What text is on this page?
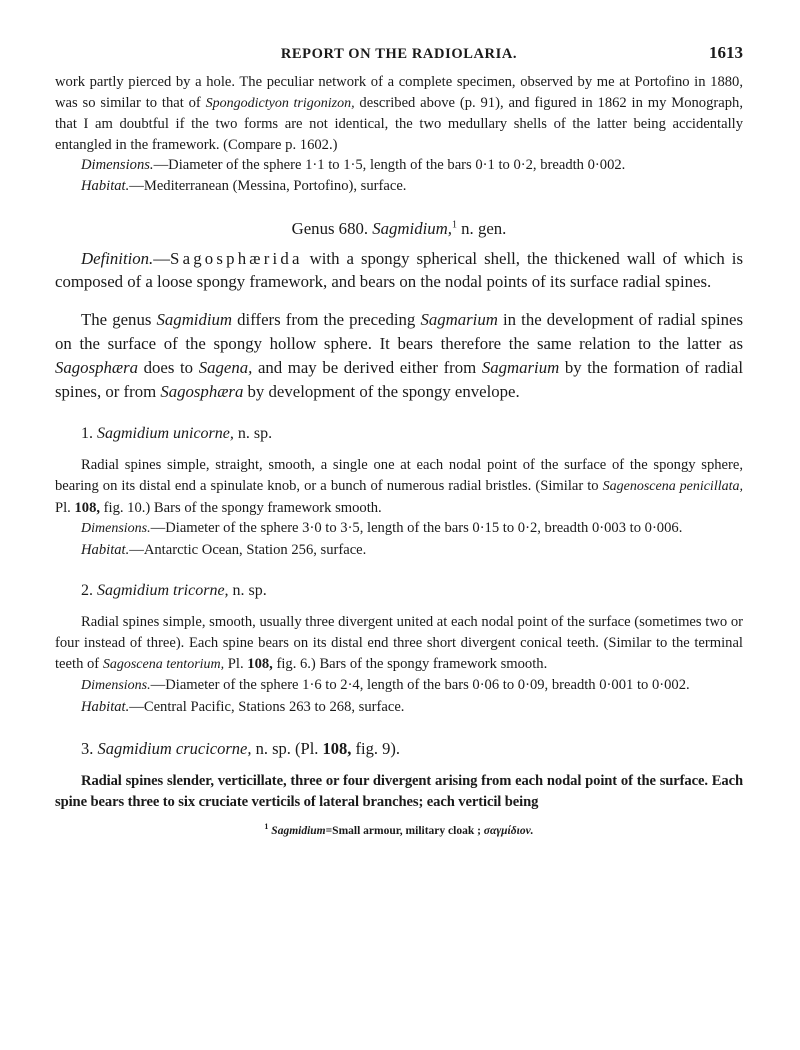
REPORT ON THE RADIOLARIA.	1613

work partly pierced by a hole. The peculiar network of a complete specimen, observed by me at Portofino in 1880, was so similar to that of Spongodictyon trigonizon, described above (p. 91), and figured in 1862 in my Monograph, that I am doubtful if the two forms are not identical, the two medullary shells of the latter being accidentally entangled in the framework. (Compare p. 1602.)

Dimensions.—Diameter of the sphere 1·1 to 1·5, length of the bars 0·1 to 0·2, breadth 0·002.

Habitat.—Mediterranean (Messina, Portofino), surface.

Genus 680. Sagmidium,$^1$ n. gen.

Definition.—Sagosphærida with a spongy spherical shell, the thickened wall of which is composed of a loose spongy framework, and bears on the nodal points of its surface radial spines.

The genus Sagmidium differs from the preceding Sagmarium in the development of radial spines on the surface of the spongy hollow sphere. It bears therefore the same relation to the latter as Sagosphæra does to Sagena, and may be derived either from Sagmarium by the formation of radial spines, or from Sagosphæra by development of the spongy envelope.

1. Sagmidium unicorne, n. sp.

Radial spines simple, straight, smooth, a single one at each nodal point of the surface of the spongy sphere, bearing on its distal end a spinulate knob, or a bunch of numerous radial bristles. (Similar to Sagenoscena penicillata, Pl. 108, fig. 10.) Bars of the spongy framework smooth.

Dimensions.—Diameter of the sphere 3·0 to 3·5, length of the bars 0·15 to 0·2, breadth 0·003 to 0·006.

Habitat.—Antarctic Ocean, Station 256, surface.

2. Sagmidium tricorne, n. sp.

Radial spines simple, smooth, usually three divergent united at each nodal point of the surface (sometimes two or four instead of three). Each spine bears on its distal end three short divergent conical teeth. (Similar to the terminal teeth of Sagoscena tentorium, Pl. 108, fig. 6.) Bars of the spongy framework smooth.

Dimensions.—Diameter of the sphere 1·6 to 2·4, length of the bars 0·06 to 0·09, breadth 0·001 to 0·002.

Habitat.—Central Pacific, Stations 263 to 268, surface.

3. Sagmidium crucicorne, n. sp. (Pl. 108, fig. 9).

Radial spines slender, verticillate, three or four divergent arising from each nodal point of the surface. Each spine bears three to six cruciate verticils of lateral branches; each verticil being

$^1$ Sagmidium=Small armour, military cloak ; σαγμίδιον.
